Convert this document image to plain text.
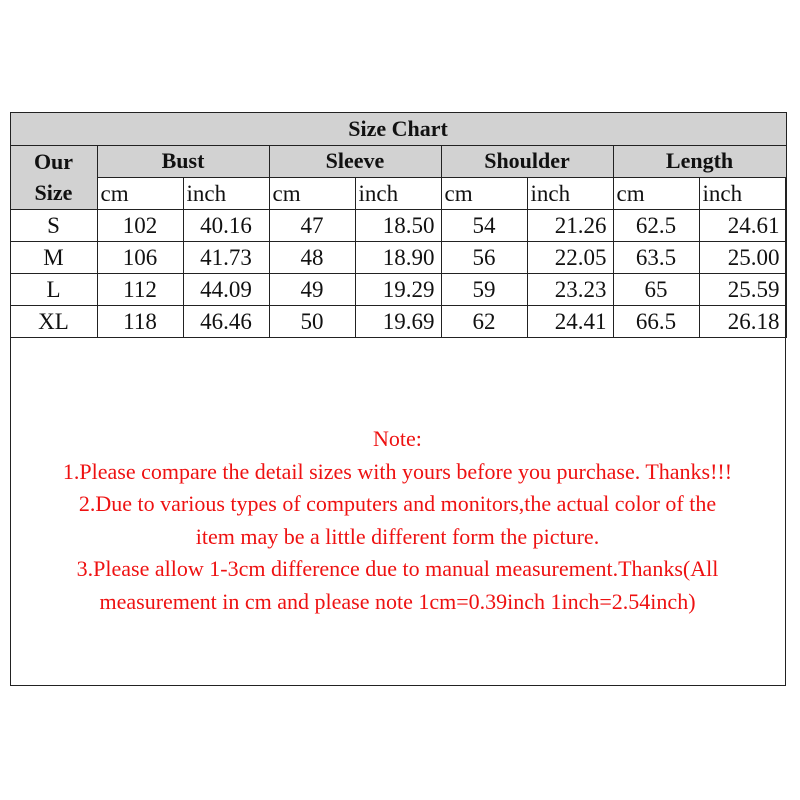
Size Chart								
Our
Size	Bust		Sleeve		Shoulder		Length	
	cm	inch	cm	inch	cm	inch	cm	inch
S	102	40.16	47	18.50	54	21.26	62.5	24.61
M	106	41.73	48	18.90	56	22.05	63.5	25.00
L	112	44.09	49	19.29	59	23.23	65	25.59
XL	118	46.46	50	19.69	62	24.41	66.5	26.18
Note:
1.Please compare the detail sizes with yours before you purchase. Thanks!!!
2.Due to various types of computers and monitors,the actual color of the
item may be a little different form the picture.
3.Please allow 1-3cm difference due to manual measurement.Thanks(All
measurement in cm and please note 1cm=0.39inch 1inch=2.54inch)
